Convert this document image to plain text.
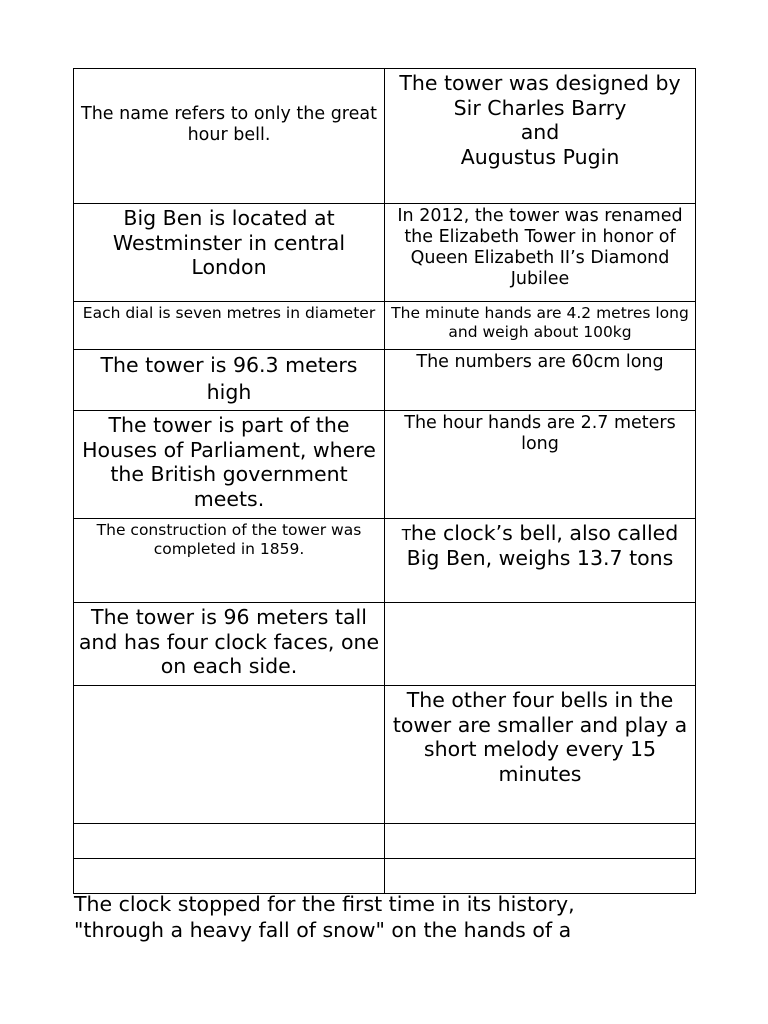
The name refers to only the great hour bell.	The tower was designed by
Sir Charles Barry
and
Augustus Pugin
Big Ben is located at Westminster in central London	In 2012, the tower was renamed the Elizabeth Tower in honor of Queen Elizabeth II’s Diamond Jubilee
Each dial is seven metres in diameter	The minute hands are 4.2 metres long and weigh about 100kg
The tower is 96.3 meters high	The numbers are 60cm long
The tower is part of the Houses of Parliament, where the British government meets.	The hour hands are 2.7 meters long
The construction of the tower was completed in 1859.	The clock’s bell, also called Big Ben, weighs 13.7 tons
The tower is 96 meters tall and has four clock faces, one on each side.	
	The other four bells in the tower are smaller and play a
short melody every 15 minutes

The clock stopped for the first time in its history,
"through a heavy fall of snow" on the hands of a
